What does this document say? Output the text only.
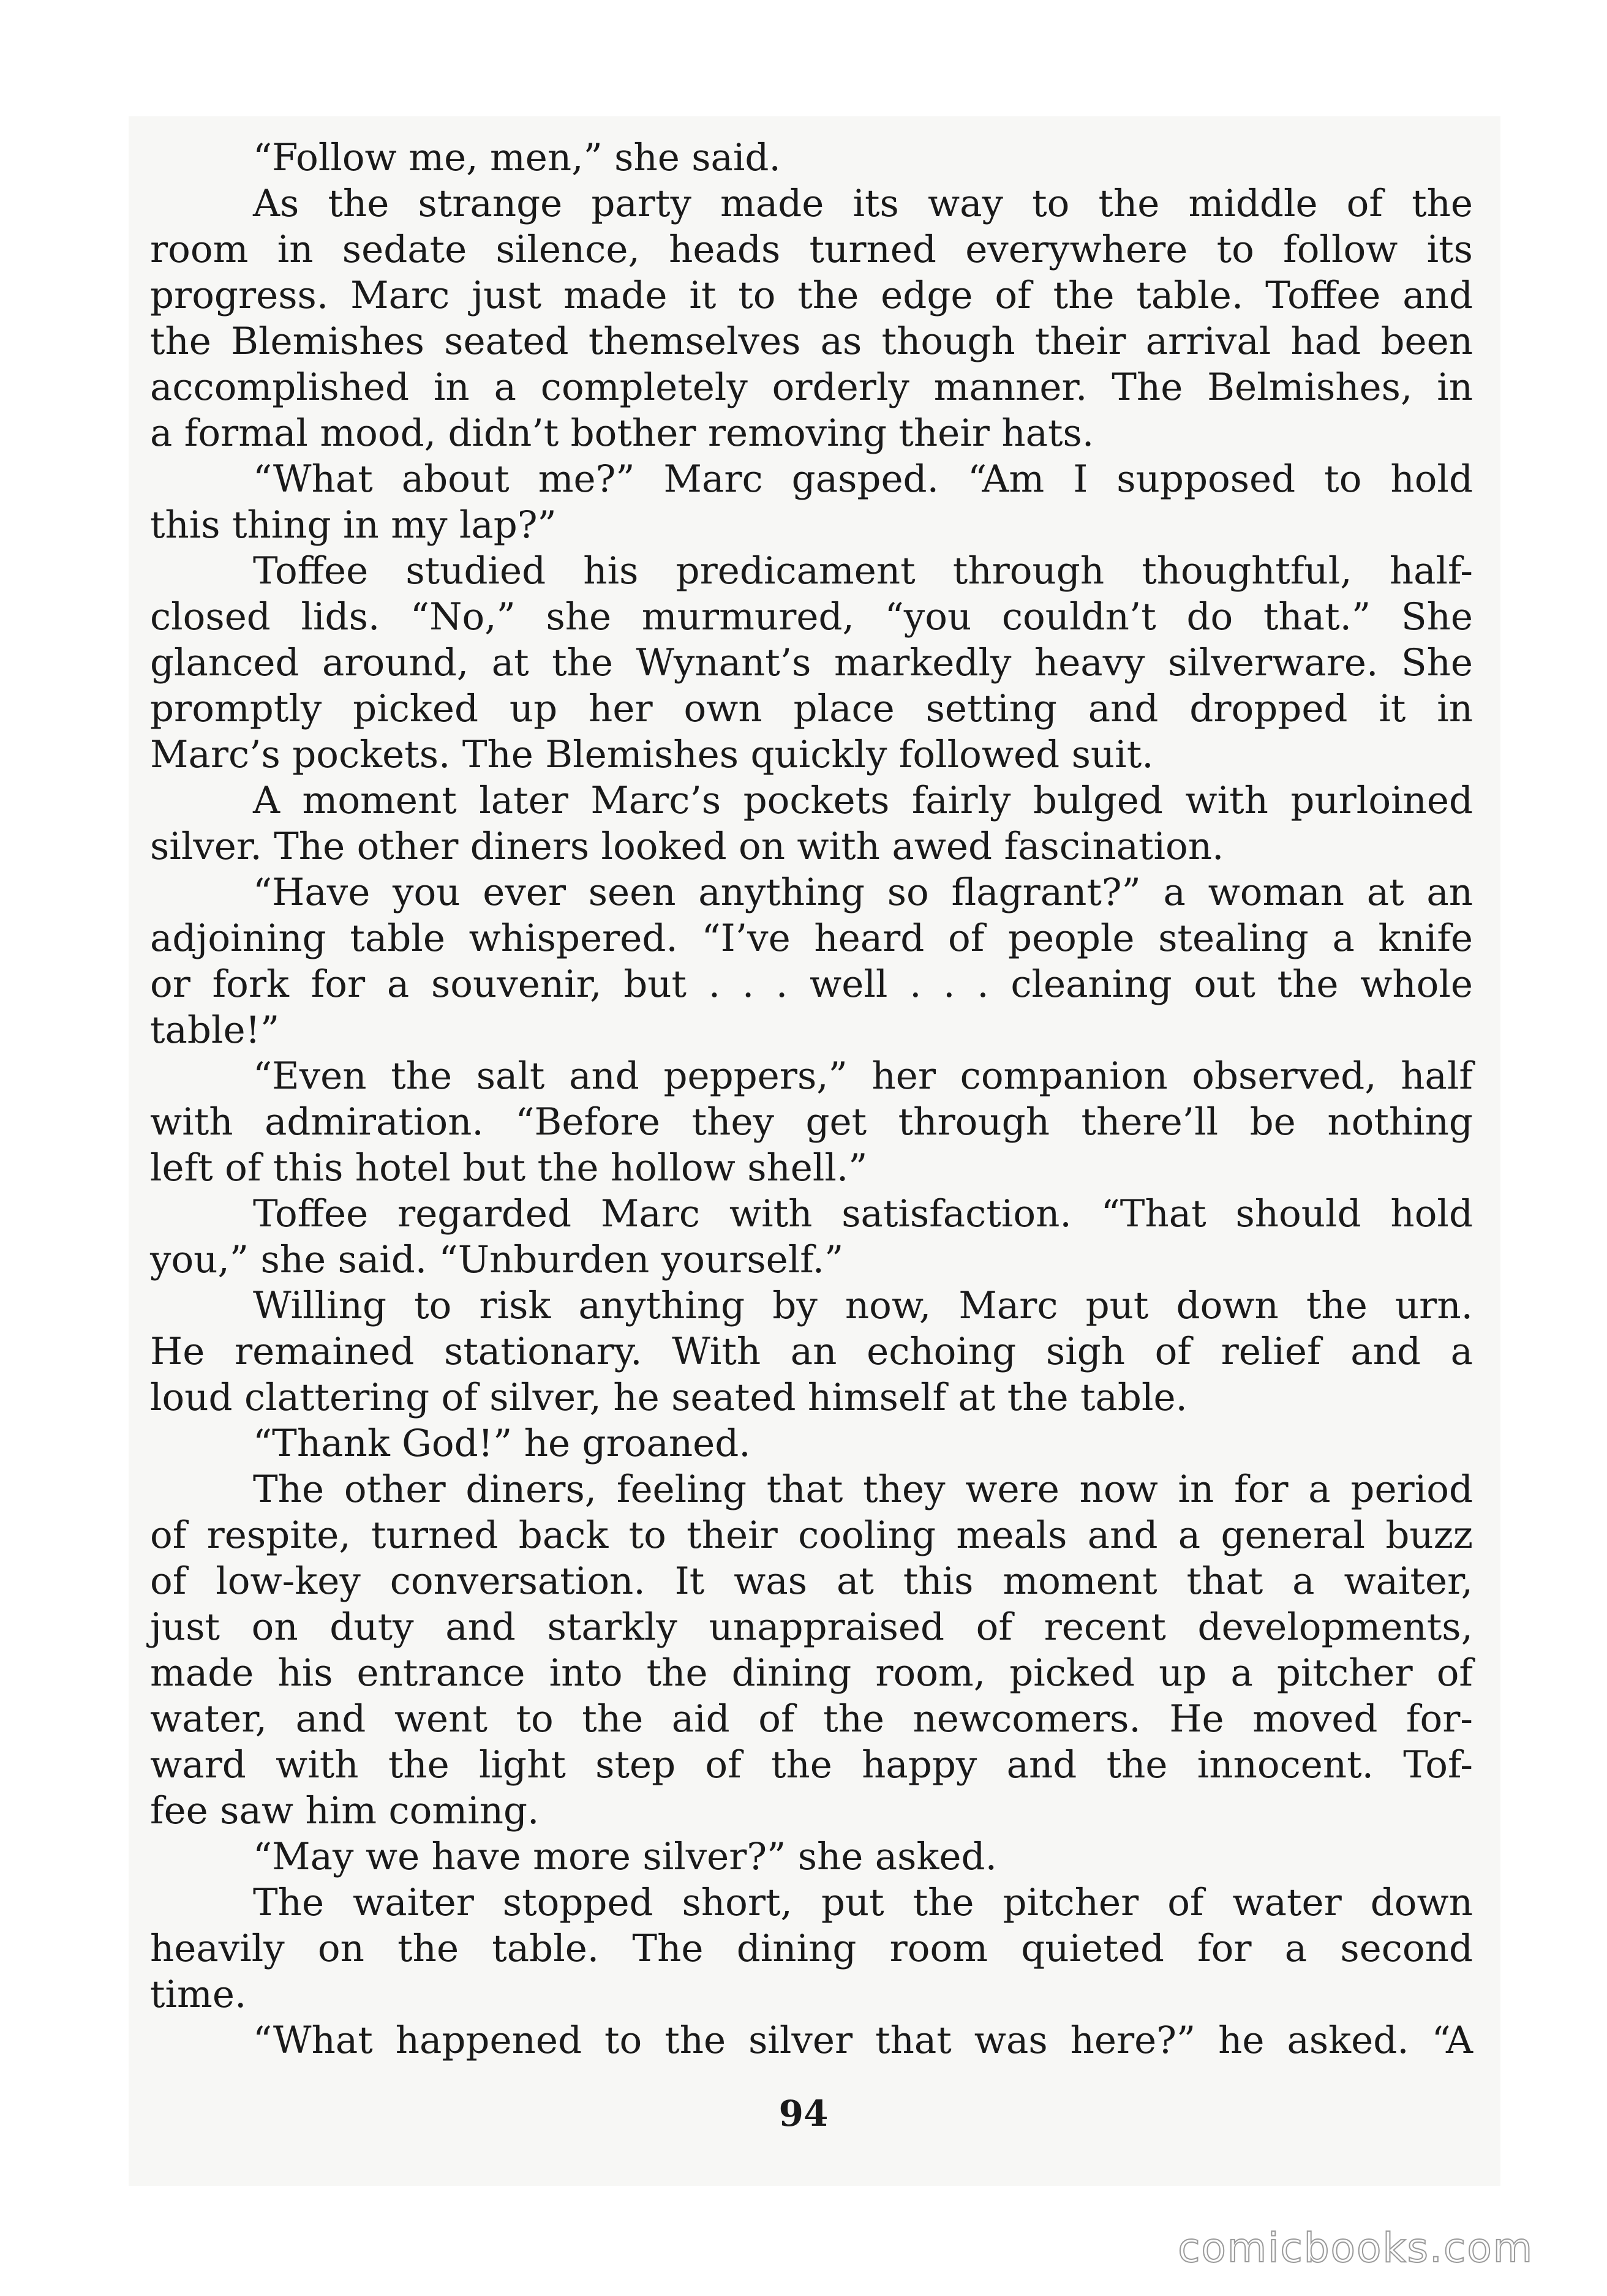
“Follow me, men,” she said.
As the strange party made its way to the middle of the
room in sedate silence, heads turned everywhere to follow its
progress. Marc just made it to the edge of the table. Toffee and
the Blemishes seated themselves as though their arrival had been
accomplished in a completely orderly manner. The Belmishes, in
a formal mood, didn’t bother removing their hats.
“What about me?” Marc gasped. “Am I supposed to hold
this thing in my lap?”
Toffee studied his predicament through thoughtful, half-
closed lids. “No,” she murmured, “you couldn’t do that.” She
glanced around, at the Wynant’s markedly heavy silverware. She
promptly picked up her own place setting and dropped it in
Marc’s pockets. The Blemishes quickly followed suit.
A moment later Marc’s pockets fairly bulged with purloined
silver. The other diners looked on with awed fascination.
“Have you ever seen anything so flagrant?” a woman at an
adjoining table whispered. “I’ve heard of people stealing a knife
or fork for a souvenir, but . . . well . . . cleaning out the whole
table!”
“Even the salt and peppers,” her companion observed, half
with admiration. “Before they get through there’ll be nothing
left of this hotel but the hollow shell.”
Toffee regarded Marc with satisfaction. “That should hold
you,” she said. “Unburden yourself.”
Willing to risk anything by now, Marc put down the urn.
He remained stationary. With an echoing sigh of relief and a
loud clattering of silver, he seated himself at the table.
“Thank God!” he groaned.
The other diners, feeling that they were now in for a period
of respite, turned back to their cooling meals and a general buzz
of low-key conversation. It was at this moment that a waiter,
just on duty and starkly unappraised of recent developments,
made his entrance into the dining room, picked up a pitcher of
water, and went to the aid of the newcomers. He moved for-
ward with the light step of the happy and the innocent. Tof-
fee saw him coming.
“May we have more silver?” she asked.
The waiter stopped short, put the pitcher of water down
heavily on the table. The dining room quieted for a second
time.
“What happened to the silver that was here?” he asked. “A
94
comicbooks.com
